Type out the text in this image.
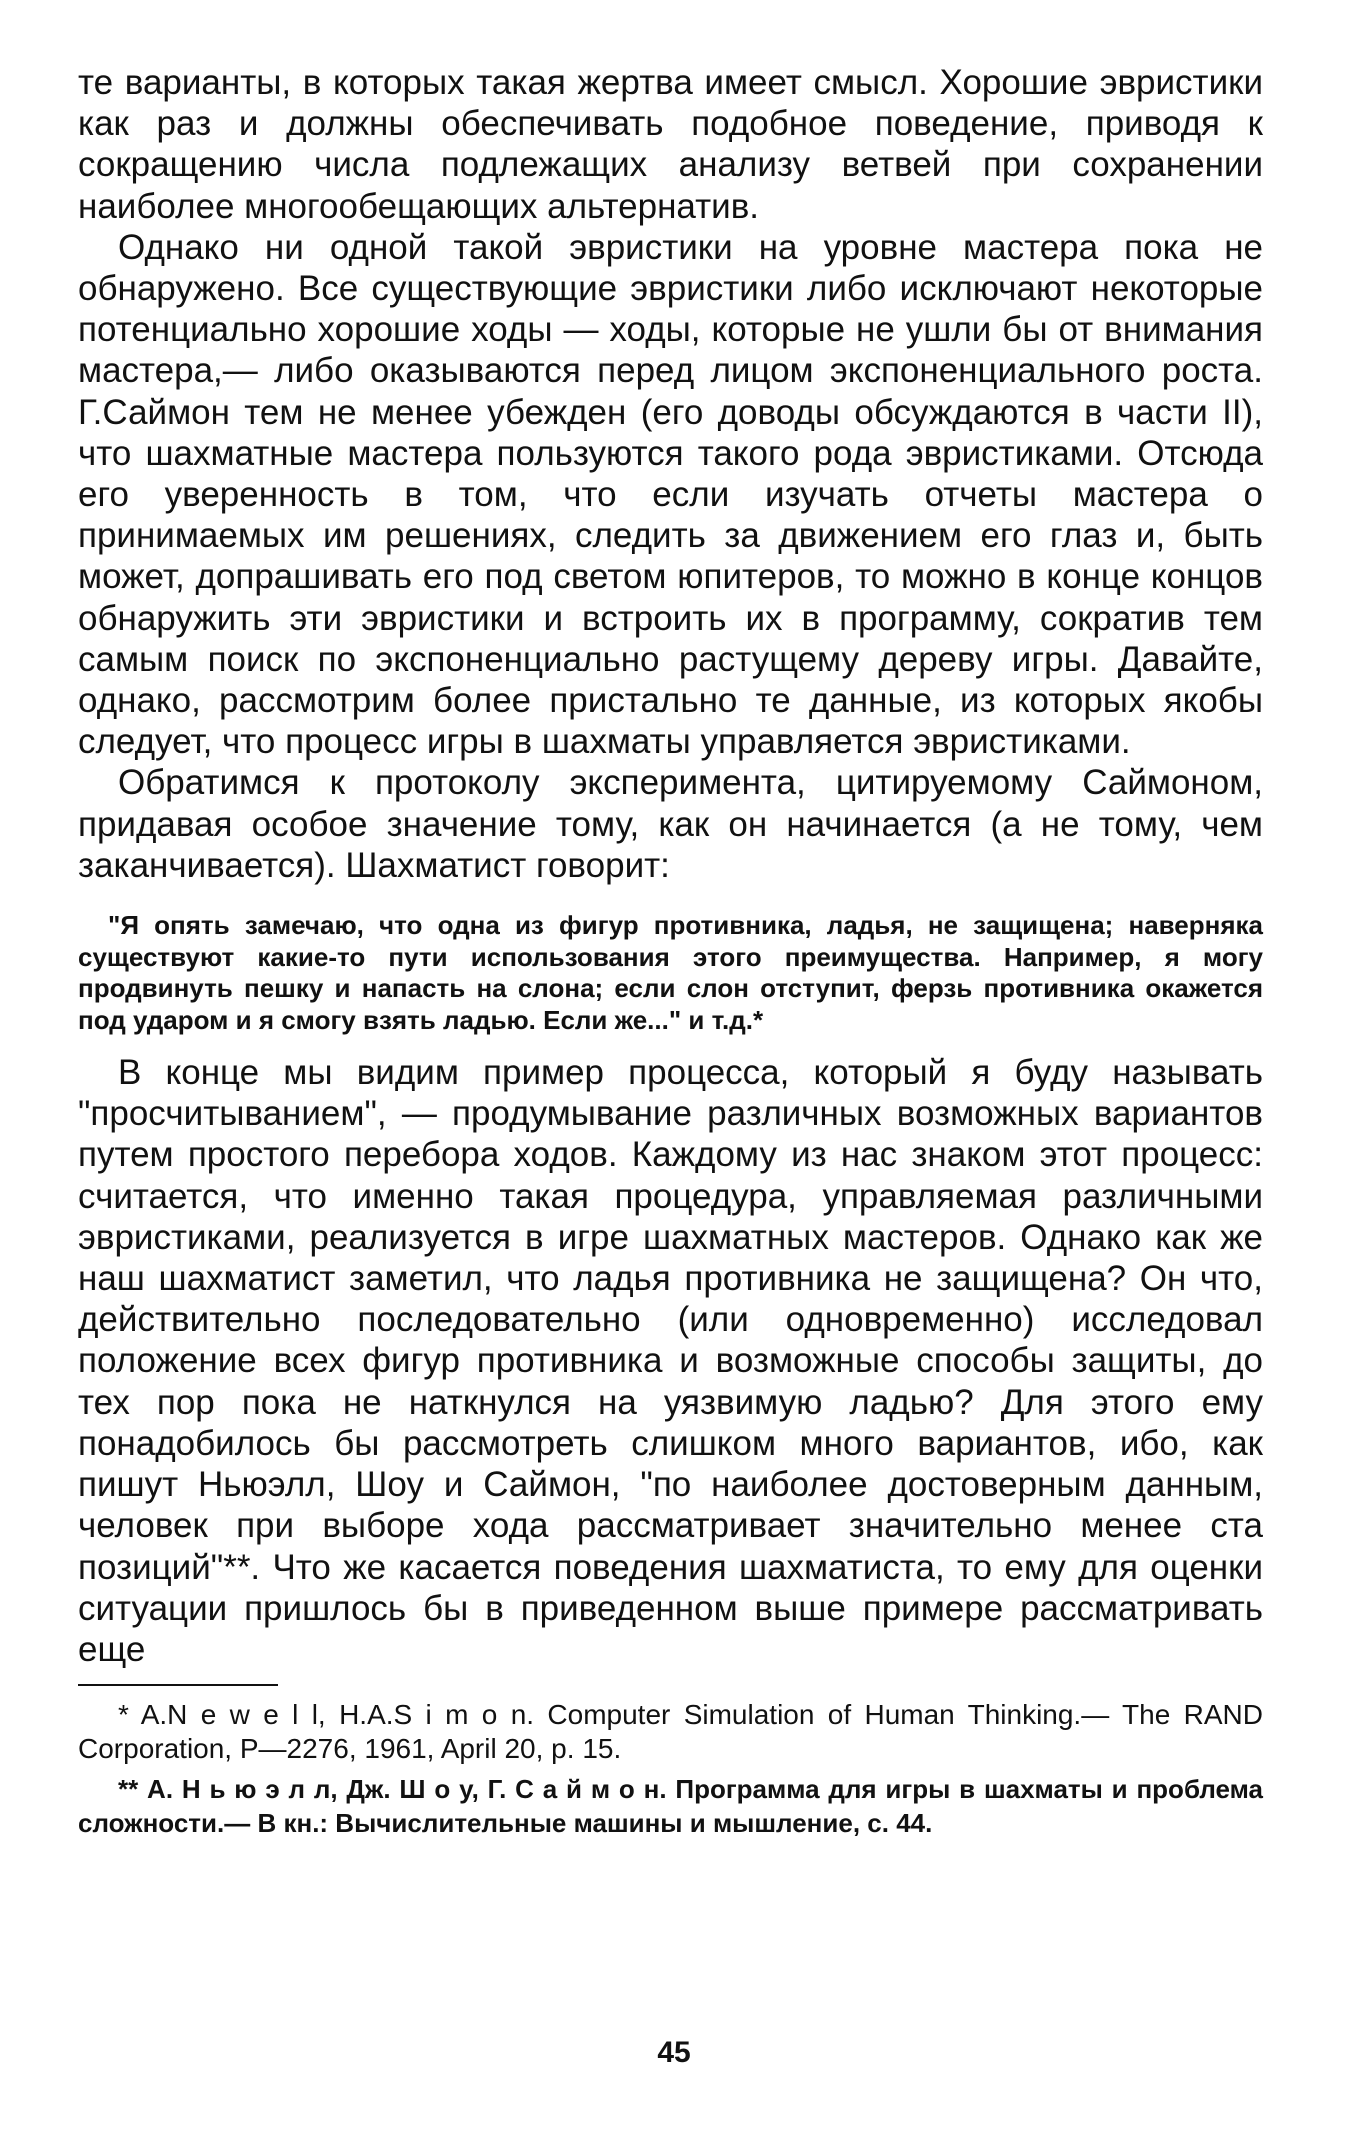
те варианты, в которых такая жертва имеет смысл. Хорошие эвристики как раз и должны обеспечивать подобное поведение, приводя к сокращению числа подлежащих анализу ветвей при сохранении наиболее многообещающих альтернатив.

Однако ни одной такой эвристики на уровне мастера пока не обнаружено. Все существующие эвристики либо исключают некоторые потенциально хорошие ходы — ходы, которые не ушли бы от внимания мастера,— либо оказываются перед лицом экспоненциального роста. Г.Саймон тем не менее убежден (его доводы обсуждаются в части II), что шахматные мастера пользуются такого рода эвристиками. Отсюда его уверенность в том, что если изучать отчеты мастера о принимаемых им решениях, следить за движением его глаз и, быть может, допрашивать его под светом юпитеров, то можно в конце концов обнаружить эти эвристики и встроить их в программу, сократив тем самым поиск по экспоненциально растущему дереву игры. Давайте, однако, рассмотрим более пристально те данные, из которых якобы следует, что процесс игры в шахматы управляется эвристиками.

Обратимся к протоколу эксперимента, цитируемому Саймоном, придавая особое значение тому, как он начинается (а не тому, чем заканчивается). Шахматист говорит:

"Я опять замечаю, что одна из фигур противника, ладья, не защищена; наверняка существуют какие-то пути использования этого преимущества. Например, я могу продвинуть пешку и напасть на слона; если слон отступит, ферзь противника окажется под ударом и я смогу взять ладью. Если же..." и т.д.*

В конце мы видим пример процесса, который я буду называть "просчитыванием", — продумывание различных возможных вариантов путем простого перебора ходов. Каждому из нас знаком этот процесс: считается, что именно такая процедура, управляемая различными эвристиками, реализуется в игре шахматных мастеров. Однако как же наш шахматист заметил, что ладья противника не защищена? Он что, действительно последовательно (или одновременно) исследовал положение всех фигур противника и возможные способы защиты, до тех пор пока не наткнулся на уязвимую ладью? Для этого ему понадобилось бы рассмотреть слишком много вариантов, ибо, как пишут Ньюэлл, Шоу и Саймон, "по наиболее достоверным данным, человек при выборе хода рассматривает значительно менее ста позиций"**. Что же касается поведения шахматиста, то ему для оценки ситуации пришлось бы в приведенном выше примере рассматривать еще

* A.N e w e l l, H.A.S i m o n. Computer Simulation of Human Thinking.— The RAND Corporation, P—2276, 1961, April 20, p. 15.

** А. Н ь ю э л л, Дж. Ш о у, Г. С а й м о н. Программа для игры в шахматы и проблема сложности.— В кн.: Вычислительные машины и мышление, с. 44.

45
